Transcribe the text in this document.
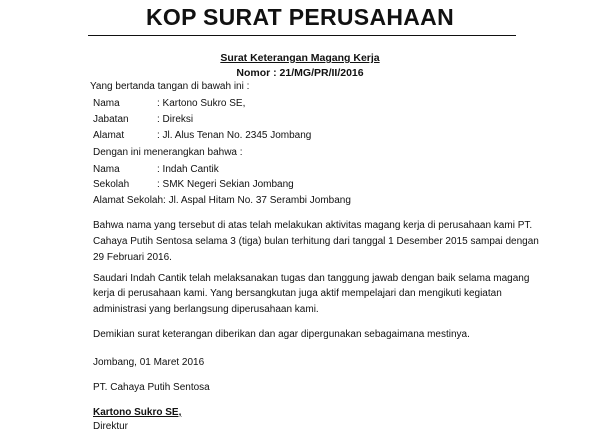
KOP SURAT PERUSAHAAN
Surat Keterangan Magang Kerja
Nomor : 21/MG/PR/II/2016
Yang bertanda tangan di bawah ini :
Nama	: Kartono Sukro SE,
Jabatan	: Direksi
Alamat	: Jl. Alus Tenan No. 2345 Jombang
Dengan ini menerangkan bahwa :
Nama	: Indah Cantik
Sekolah	: SMK Negeri Sekian Jombang
Alamat Sekolah: Jl. Aspal Hitam No. 37 Serambi Jombang
Bahwa nama yang tersebut di atas telah melakukan aktivitas magang kerja di perusahaan kami PT.
Cahaya Putih Sentosa selama 3 (tiga) bulan terhitung dari tanggal 1 Desember 2015 sampai dengan
29 Februari 2016.
Saudari Indah Cantik telah melaksanakan tugas dan tanggung jawab dengan baik selama magang
kerja di perusahaan kami. Yang bersangkutan juga aktif mempelajari dan mengikuti kegiatan
administrasi yang berlangsung diperusahaan kami.
Demikian surat keterangan diberikan dan agar dipergunakan sebagaimana mestinya.
Jombang, 01 Maret 2016
PT. Cahaya Putih Sentosa
Kartono Sukro SE,
Direktur
